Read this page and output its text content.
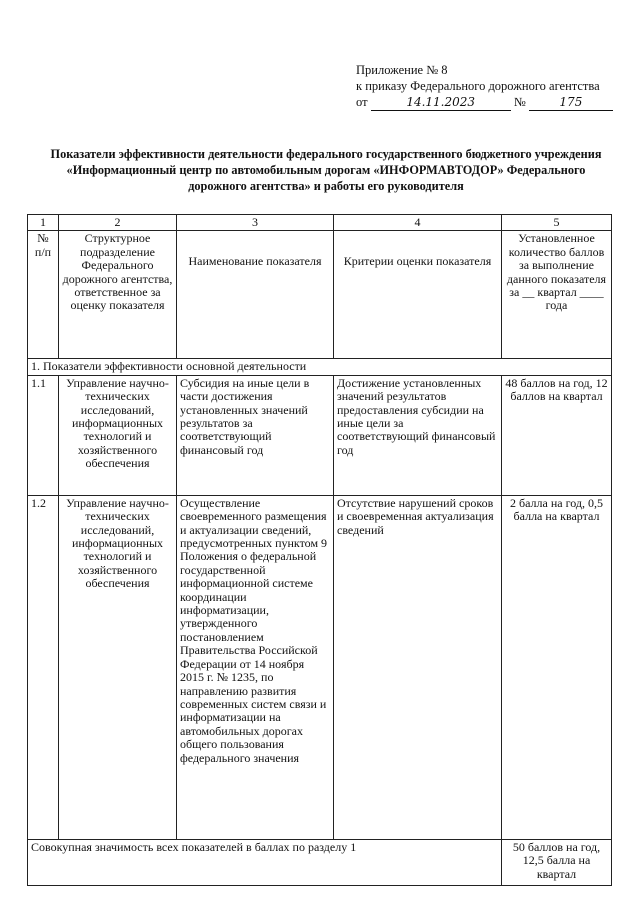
Приложение № 8
к приказу Федерального дорожного агентства
от	14.11.2023	№	175
Показатели эффективности деятельности федерального государственного бюджетного учреждения
«Информационный центр по автомобильным дорогам «ИНФОРМАВТОДОР» Федерального
дорожного агентства» и работы его руководителя
1	2	3	4	5
№ п/п	Структурное подразделение Федерального дорожного агентства, ответственное за оценку показателя	Наименование показателя	Критерии оценки показателя	Установленное количество баллов за выполнение данного показателя за __ квартал ____ года
1. Показатели эффективности основной деятельности				
1.1	Управление научно-технических исследований, информационных технологий и хозяйственного обеспечения	Субсидия на иные цели в части достижения установленных значений результатов за соответствующий финансовый год	Достижение установленных значений результатов предоставления субсидии на иные цели за соответствующий финансовый год	48 баллов на год, 12 баллов на квартал
1.2	Управление научно-технических исследований, информационных технологий и хозяйственного обеспечения	Осуществление своевременного размещения и актуализации сведений, предусмотренных пунктом 9 Положения о федеральной государственной информационной системе координации информатизации, утвержденного постановлением Правительства Российской Федерации от 14 ноября 2015 г. № 1235, по направлению развития современных систем связи и информатизации на автомобильных дорогах общего пользования федерального значения	Отсутствие нарушений сроков и своевременная актуализация сведений	2 балла на год, 0,5 балла на квартал
Совокупная значимость всех показателей в баллах по разделу 1				50 баллов на год, 12,5 балла на квартал
